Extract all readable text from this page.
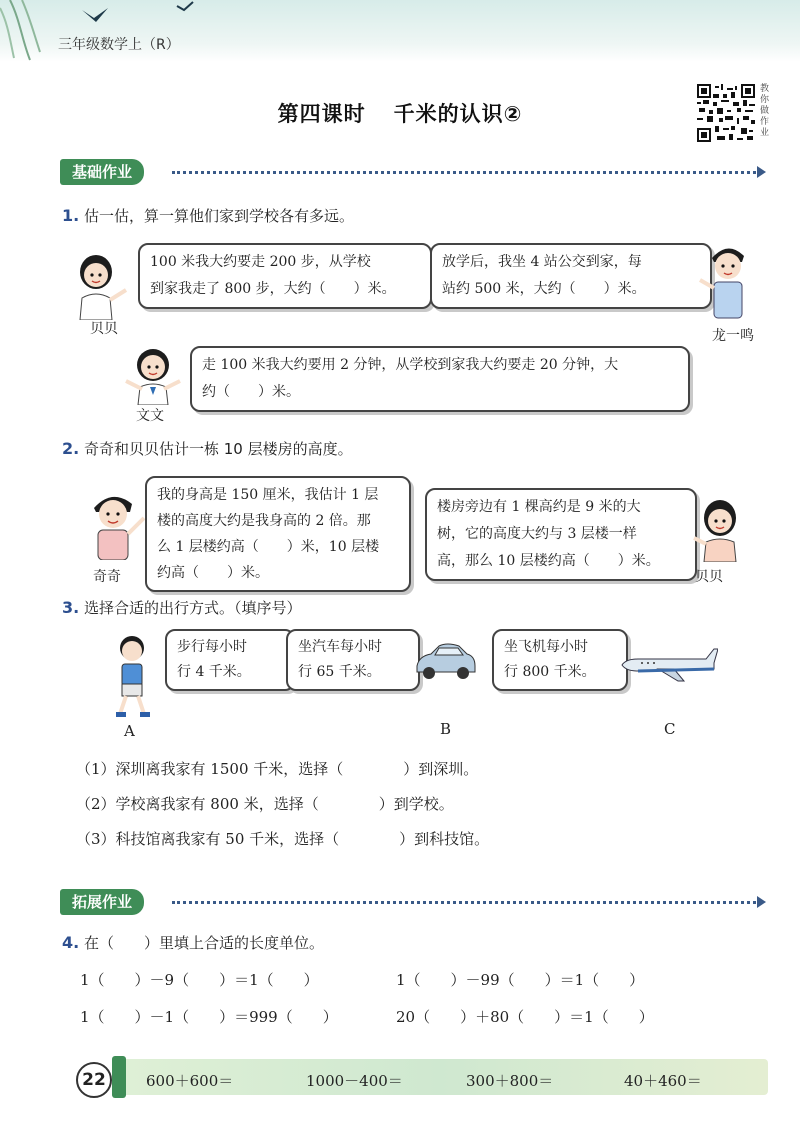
三年级数学上（R）
第四课时 千米的认识②
教你做作业
基础作业
1. 估一估，算一算他们家到学校各有多远。
贝贝
100 米我大约要走 200 步，从学校
到家我走了 800 步，大约（　　）米。
放学后，我坐 4 站公交到家，每
站约 500 米，大约（　　）米。
龙一鸣
文文
走 100 米我大约要用 2 分钟，从学校到家我大约要走 20 分钟，大
约（　　）米。
2. 奇奇和贝贝估计一栋 10 层楼房的高度。
奇奇
我的身高是 150 厘米，我估计 1 层
楼的高度大约是我身高的 2 倍。那
么 1 层楼约高（　　）米，10 层楼
约高（　　）米。
楼房旁边有 1 棵高约是 9 米的大
树，它的高度大约与 3 层楼一样
高，那么 10 层楼约高（　　）米。
贝贝
3. 选择合适的出行方式。（填序号）
步行每小时
行 4 千米。
坐汽车每小时
行 65 千米。
坐飞机每小时
行 800 千米。
A	B	C
（1）深圳离我家有 1500 千米，选择（　　　　）到深圳。
（2）学校离我家有 800 米，选择（　　　　）到学校。
（3）科技馆离我家有 50 千米，选择（　　　　）到科技馆。
拓展作业
4. 在（　　）里填上合适的长度单位。
1（　　）－9（　　）＝1（　　）	1（　　）－99（　　）＝1（　　）
1（　　）－1（　　）＝999（　　）	20（　　）＋80（　　）＝1（　　）
22	600＋600＝	1000－400＝	300＋800＝	40＋460＝
